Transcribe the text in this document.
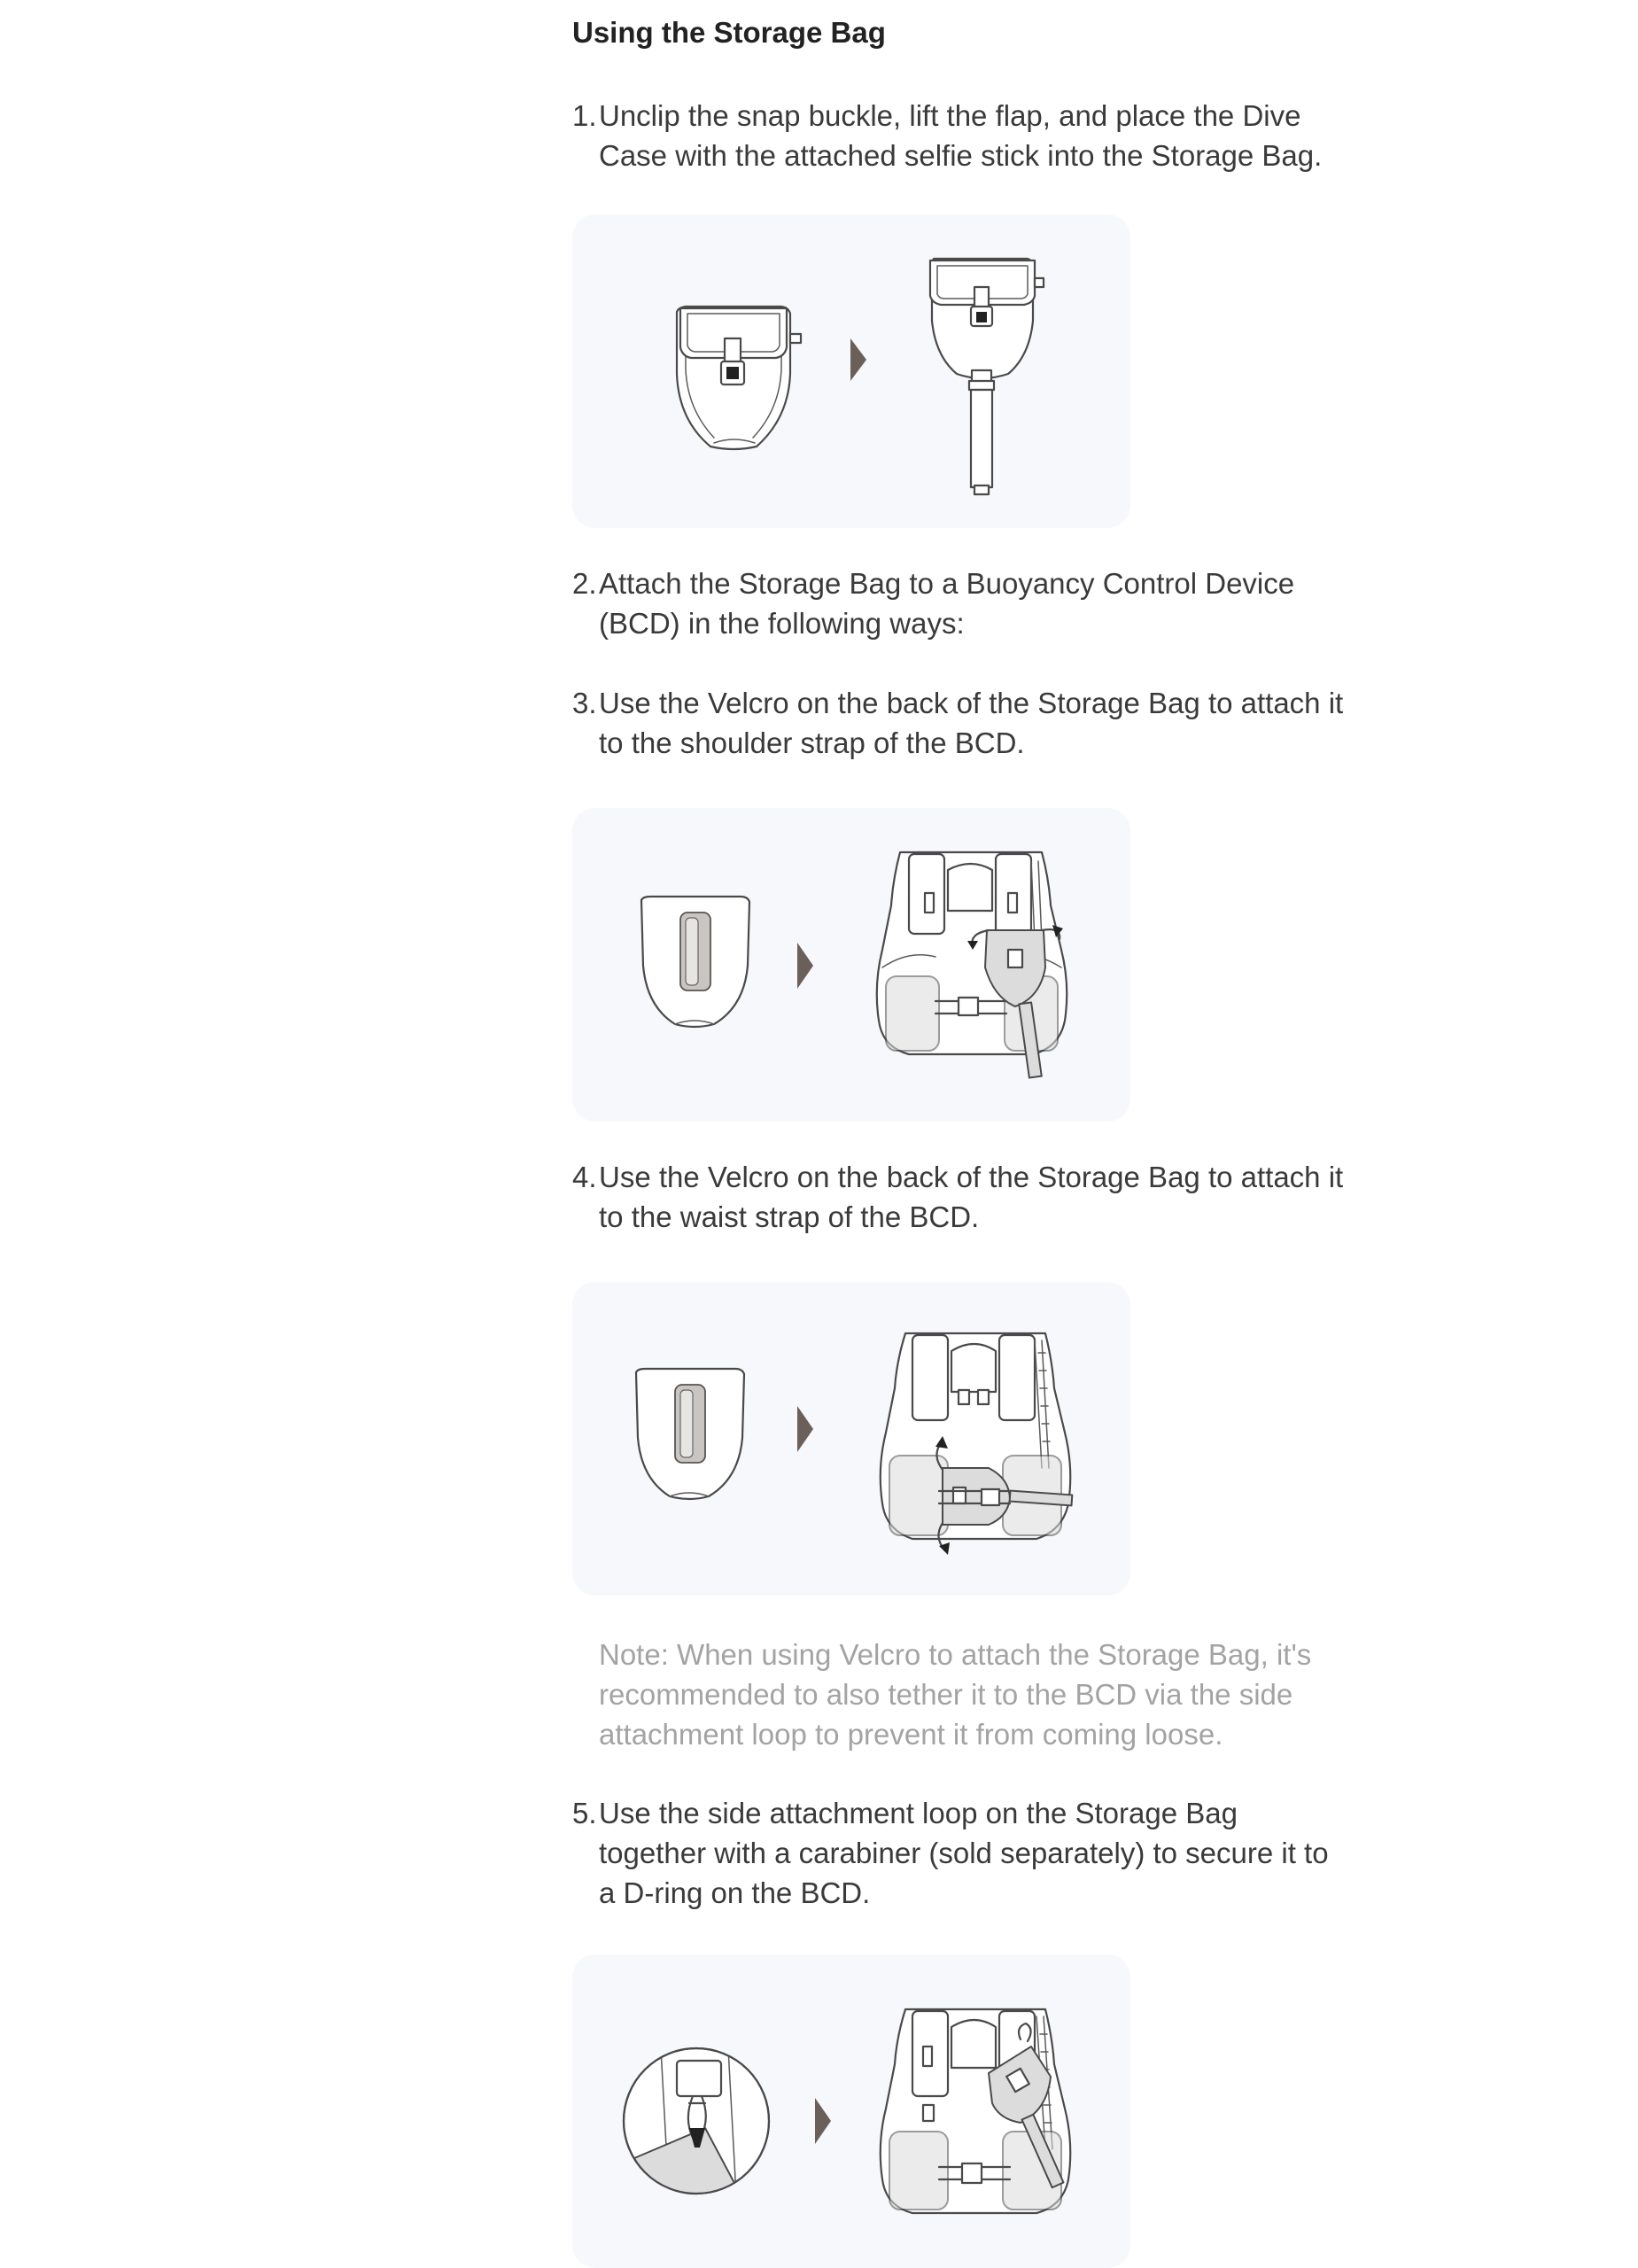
Using the Storage Bag
1. Unclip the snap buckle, lift the flap, and place the Dive Case with the attached selfie stick into the Storage Bag.
2. Attach the Storage Bag to a Buoyancy Control Device (BCD) in the following ways:
3. Use the Velcro on the back of the Storage Bag to attach it to the shoulder strap of the BCD.
4. Use the Velcro on the back of the Storage Bag to attach it to the waist strap of the BCD.
Note: When using Velcro to attach the Storage Bag, it's recommended to also tether it to the BCD via the side attachment loop to prevent it from coming loose.
5. Use the side attachment loop on the Storage Bag together with a carabiner (sold separately) to secure it to a D-ring on the BCD.
